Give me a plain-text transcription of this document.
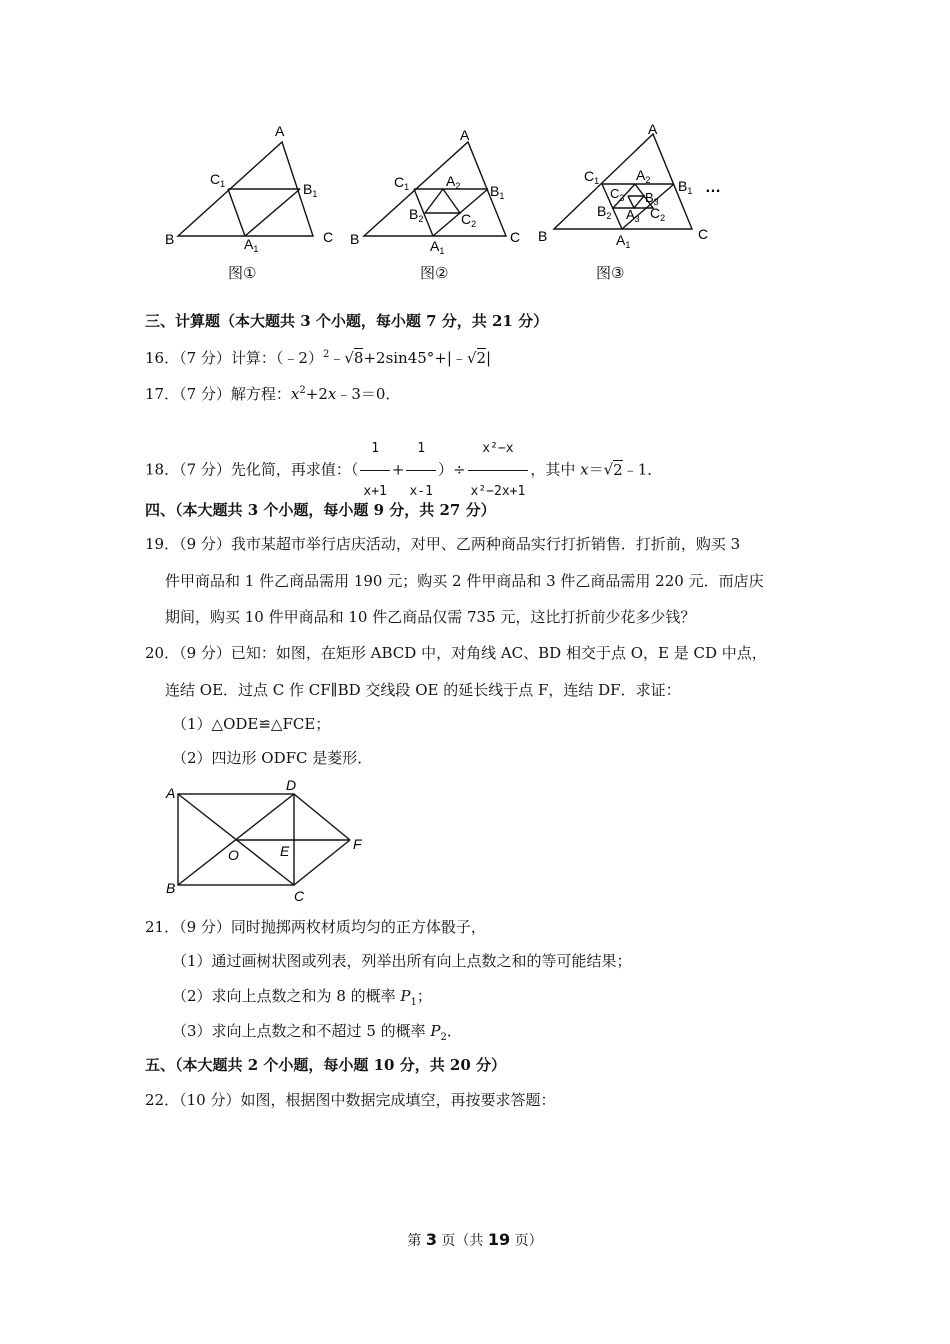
A
$C_1$	$B_1$
B	C
$A_1$
A
$C_1$	$A_2$ $B_1$
$B_2$	$C_2$
B	C
$A_1$
A
$C_1$	$A_2$ $B_1$ …
$C_3$ $B_3$
$B_2$ $A_3$ $C_2$
B	C
$A_1$
图①	图②	图③
三、计算题（本大题共 3 个小题，每小题 7 分，共 21 分）
16．（7 分）计算：（﹣2）$^2$﹣√8+2sin45°+|﹣√2|
17．（7 分）解方程：$x^2+2x﹣3=0$．
18．（7 分）先化简，再求值：（ $\frac{1}{x+1} + \frac{1}{x-1}$ ）÷ $\frac{\text{x²−x}}{\text{x²−2x+1}}$ ，其中 x＝√2﹣1．
四、（本大题共 3 个小题，每小题 9 分，共 27 分）
19．（9 分）我市某超市举行店庆活动，对甲、乙两种商品实行打折销售．打折前，购买 3
件甲商品和 1 件乙商品需用 190 元；购买 2 件甲商品和 3 件乙商品需用 220 元．而店庆
期间，购买 10 件甲商品和 10 件乙商品仅需 735 元，这比打折前少花多少钱？
20．（9 分）已知：如图，在矩形 ABCD 中，对角线 AC、BD 相交于点 O，E 是 CD 中点，
连结 OE．过点 C 作 CF∥BD 交线段 OE 的延长线于点 F，连结 DF．求证：
（1）△ODE≌△FCE；
（2）四边形 ODFC 是菱形．
A	D
B	C
O	E	F
21．（9 分）同时抛掷两枚材质均匀的正方体骰子，
（1）通过画树状图或列表，列举出所有向上点数之和的等可能结果；
（2）求向上点数之和为 8 的概率 $P_1$；
（3）求向上点数之和不超过 5 的概率 $P_2$．
五、（本大题共 2 个小题，每小题 10 分，共 20 分）
22．（10 分）如图，根据图中数据完成填空，再按要求答题：
第 3 页（共 19 页）
